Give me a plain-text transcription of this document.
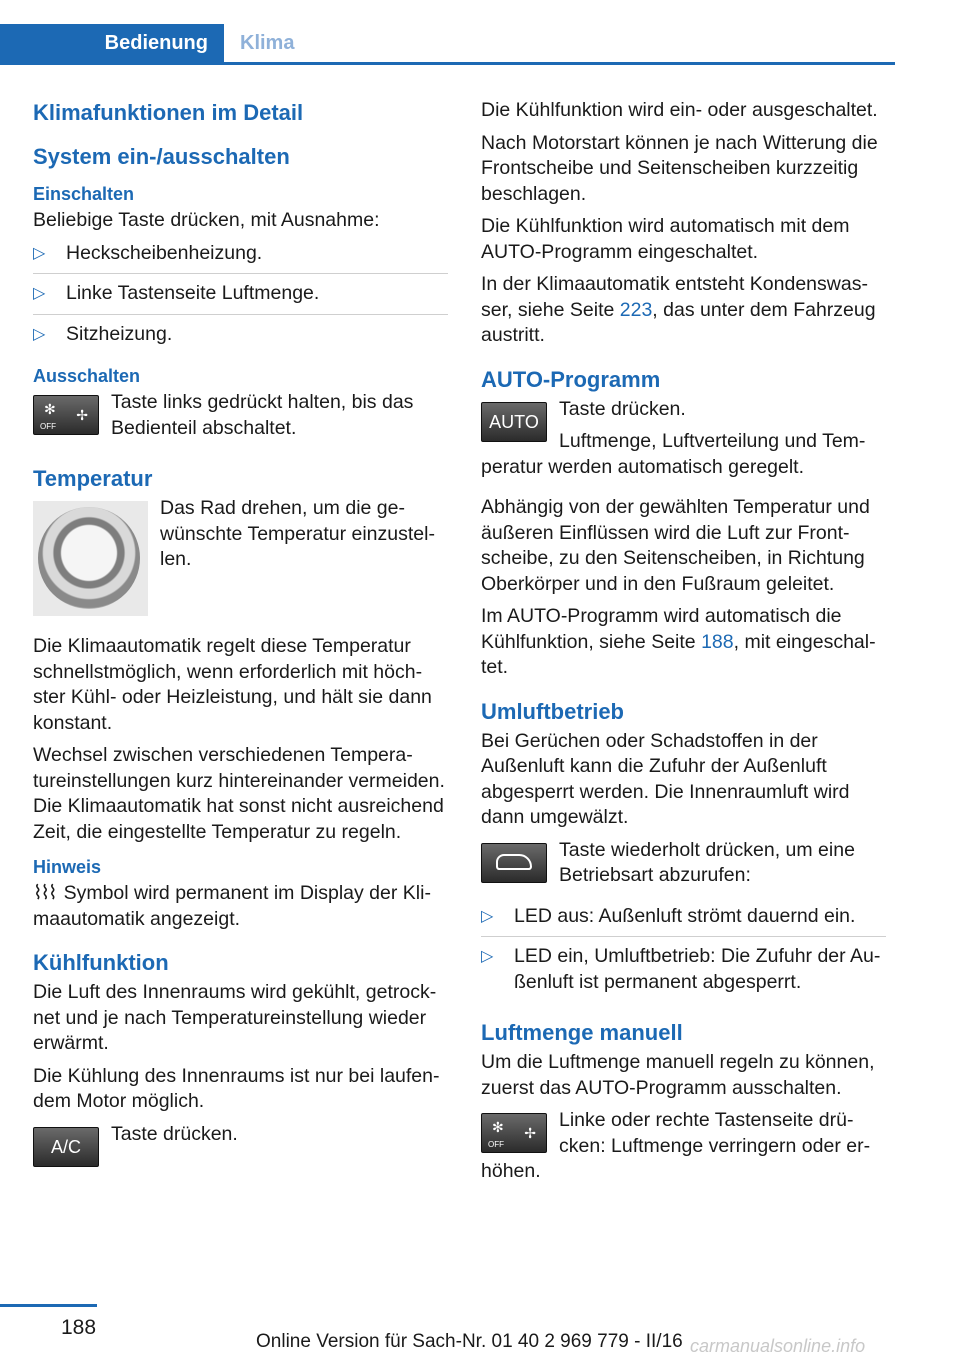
Bedienung	Klima
Klimafunktionen im Detail
System ein-/ausschalten
Einschalten

Beliebige Taste drücken, mit Ausnahme:

▷ Heckscheibenheizung.
▷ Linke Tastenseite Luftmenge.
▷ Sitzheizung.
Ausschalten
✻ ✢
OFF

Taste links gedrückt halten, bis das Bedienteil abschaltet.

Temperatur

Das Rad drehen, um die gewünschte Temperatur einzustellen.

Die Klimaautomatik regelt diese Temperatur schnellstmöglich, wenn erforderlich mit höchster Kühl- oder Heizleistung, und hält sie dann konstant.

Wechsel zwischen verschiedenen Temperatureinstellungen kurz hintereinander vermeiden. Die Klimaautomatik hat sonst nicht ausreichend Zeit, die eingestellte Temperatur zu regeln.

Hinweis

⌇⌇⌇ Symbol wird permanent im Display der Klimaautomatik angezeigt.

Kühlfunktion

Die Luft des Innenraums wird gekühlt, getrocknet und je nach Temperatureinstellung wieder erwärmt.

Die Kühlung des Innenraums ist nur bei laufendem Motor möglich.

A/C

Taste drücken.

Die Kühlfunktion wird ein- oder ausgeschaltet.

Nach Motorstart können je nach Witterung die Frontscheibe und Seitenscheiben kurzzeitig beschlagen.

Die Kühlfunktion wird automatisch mit dem AUTO-Programm eingeschaltet.

In der Klimaautomatik entsteht Kondenswasser, siehe Seite 223, das unter dem Fahrzeug austritt.

AUTO-Programm
AUTO

Taste drücken.

Luftmenge, Luftverteilung und Temperatur werden automatisch geregelt.

Abhängig von der gewählten Temperatur und äußeren Einflüssen wird die Luft zur Frontscheibe, zu den Seitenscheiben, in Richtung Oberkörper und in den Fußraum geleitet.

Im AUTO-Programm wird automatisch die Kühlfunktion, siehe Seite 188, mit eingeschaltet.

Umluftbetrieb

Bei Gerüchen oder Schadstoffen in der Außenluft kann die Zufuhr der Außenluft abgesperrt werden. Die Innenraumluft wird dann umgewälzt.

Taste wiederholt drücken, um eine Betriebsart abzurufen:

▷ LED aus: Außenluft strömt dauernd ein.
▷ LED ein, Umluftbetrieb: Die Zufuhr der Außenluft ist permanent abgesperrt.
Luftmenge manuell

Um die Luftmenge manuell regeln zu können, zuerst das AUTO-Programm ausschalten.

✻ ✢
OFF

Linke oder rechte Tastenseite drücken: Luftmenge verringern oder erhöhen.

188
Online Version für Sach-Nr. 01 40 2 969 779 - II/16 carmanualsonline.info
